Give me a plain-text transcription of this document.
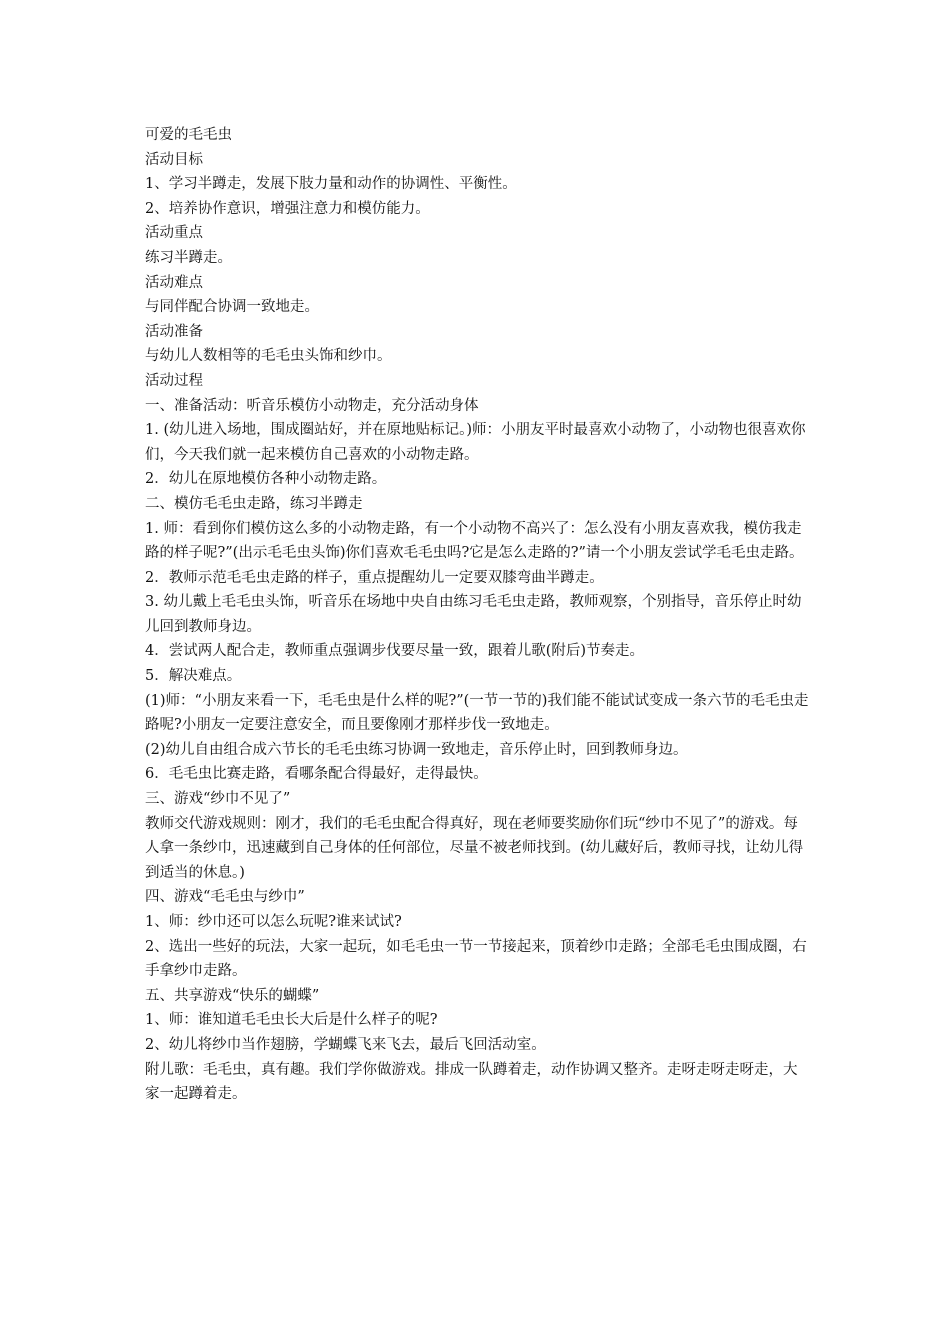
可爱的毛毛虫

活动目标

1、学习半蹲走，发展下肢力量和动作的协调性、平衡性。

2、培养协作意识，增强注意力和模仿能力。

活动重点

练习半蹲走。

活动难点

与同伴配合协调一致地走。

活动准备

与幼儿人数相等的毛毛虫头饰和纱巾。

活动过程

一、准备活动：听音乐模仿小动物走，充分活动身体

1. (幼儿进入场地，围成圈站好，并在原地贴标记。)师：小朋友平时最喜欢小动物了，小动物也很喜欢你们，今天我们就一起来模仿自己喜欢的小动物走路。

2．幼儿在原地模仿各种小动物走路。

二、模仿毛毛虫走路，练习半蹲走

1. 师：看到你们模仿这么多的小动物走路，有一个小动物不高兴了：怎么没有小朋友喜欢我，模仿我走路的样子呢?”(出示毛毛虫头饰)你们喜欢毛毛虫吗?它是怎么走路的?”请一个小朋友尝试学毛毛虫走路。

2．教师示范毛毛虫走路的样子，重点提醒幼儿一定要双膝弯曲半蹲走。

3. 幼儿戴上毛毛虫头饰，听音乐在场地中央自由练习毛毛虫走路，教师观察，个别指导，音乐停止时幼儿回到教师身边。

4．尝试两人配合走，教师重点强调步伐要尽量一致，跟着儿歌(附后)节奏走。

5．解决难点。

(1)师：“小朋友来看一下，毛毛虫是什么样的呢?”(一节一节的)我们能不能试试变成一条六节的毛毛虫走路呢?小朋友一定要注意安全，而且要像刚才那样步伐一致地走。

(2)幼儿自由组合成六节长的毛毛虫练习协调一致地走，音乐停止时，回到教师身边。

6．毛毛虫比赛走路，看哪条配合得最好，走得最快。

三、游戏“纱巾不见了”

教师交代游戏规则：刚才，我们的毛毛虫配合得真好，现在老师要奖励你们玩“纱巾不见了”的游戏。每人拿一条纱巾，迅速藏到自己身体的任何部位，尽量不被老师找到。(幼儿藏好后，教师寻找，让幼儿得到适当的休息。)

四、游戏“毛毛虫与纱巾”

1、师：纱巾还可以怎么玩呢?谁来试试?

2、选出一些好的玩法，大家一起玩，如毛毛虫一节一节接起来，顶着纱巾走路；全部毛毛虫围成圈，右手拿纱巾走路。

五、共享游戏“快乐的蝴蝶”

1、师：谁知道毛毛虫长大后是什么样子的呢?

2、幼儿将纱巾当作翅膀，学蝴蝶飞来飞去，最后飞回活动室。

附儿歌：毛毛虫，真有趣。我们学你做游戏。排成一队蹲着走，动作协调又整齐。走呀走呀走呀走，大家一起蹲着走。
